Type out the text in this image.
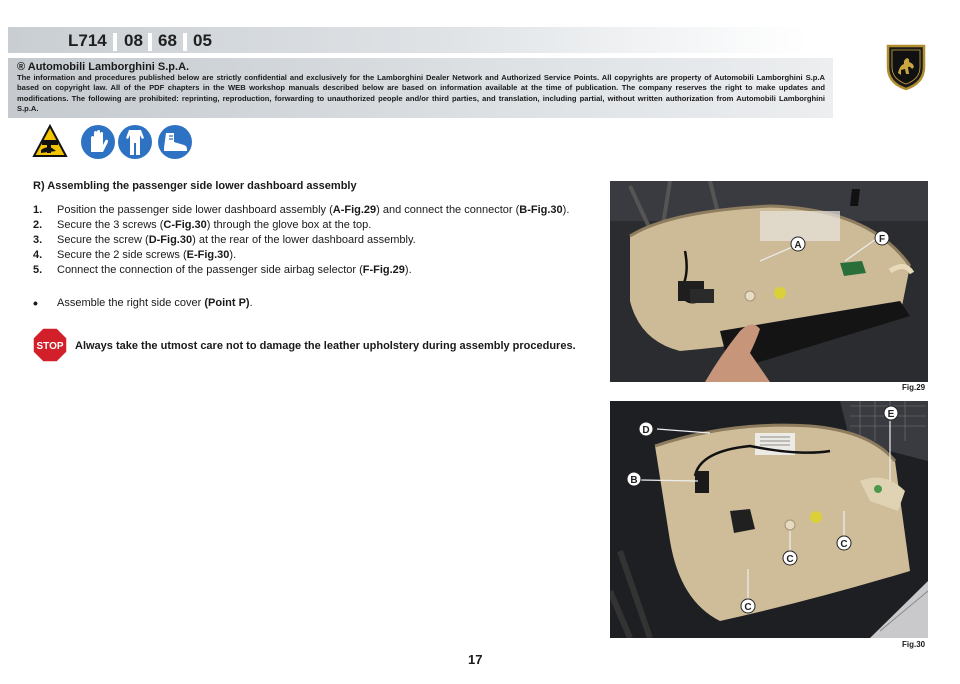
L714 08 68 05
® Automobili Lamborghini S.p.A.
The information and procedures published below are strictly confidential and exclusively for the Lamborghini Dealer Network and Authorized Service Points. All copyrights are property of Automobili Lamborghini S.p.A based on copyright law. All of the PDF chapters in the WEB workshop manuals described below are based on information available at the time of publication. The company reserves the right to make updates and modifications. The following are prohibited: reprinting, reproduction, forwarding to unauthorized people and/or third parties, and translation, including partial, without written authorization from Automobili Lamborghini S.p.A.
R) Assembling the passenger side lower dashboard assembly
1.	Position the passenger side lower dashboard assembly (A-Fig.29) and connect the connector (B-Fig.30).
2.	Secure the 3 screws (C-Fig.30) through the glove box at the top.
3.	Secure the screw (D-Fig.30) at the rear of the lower dashboard assembly.
4.	Secure the 2 side screws (E-Fig.30).
5.	Connect the connection of the passenger side airbag selector (F-Fig.29).
•	Assemble the right side cover (Point P).
STOP Always take the utmost care not to damage the leather upholstery during assembly procedures.
A
F
Fig.29
D
E
B
C
C
C
Fig.30
17
